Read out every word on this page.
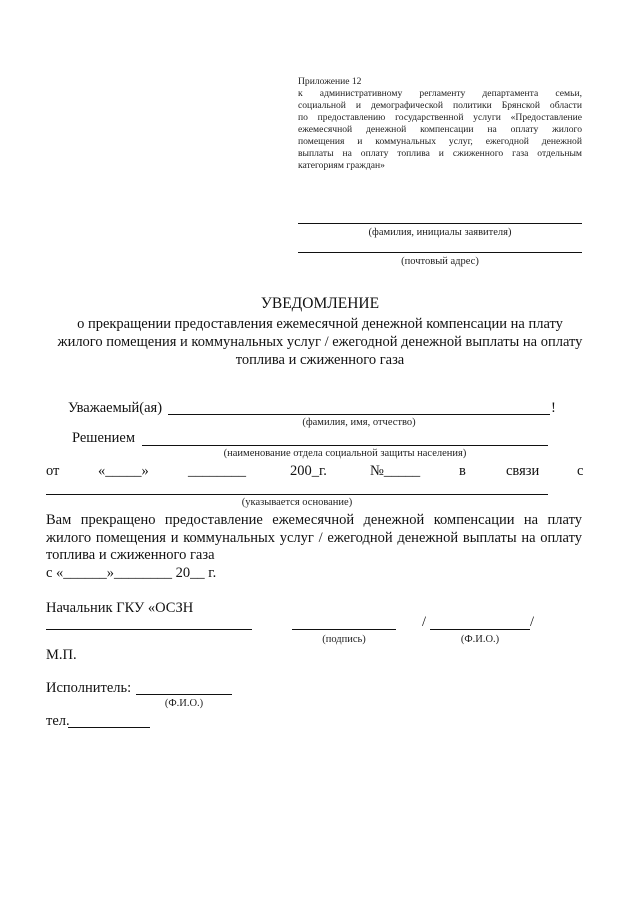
Приложение 12
к административному регламенту департамента семьи,
социальной и демографической политики Брянской области
по предоставлению государственной услуги «Предоставление
ежемесячной денежной компенсации на оплату жилого
помещения и коммунальных услуг, ежегодной денежной
выплаты на оплату топлива и сжиженного газа отдельным
категориям граждан»
(фамилия, инициалы заявителя)
(почтовый адрес)
УВЕДОМЛЕНИЕ
о прекращении предоставления ежемесячной денежной компенсации на плату
жилого помещения и коммунальных услуг / ежегодной денежной выплаты на оплату
топлива и сжиженного газа
Уважаемый(ая)	!
(фамилия, имя, отчество)
Решением
(наименование отдела социальной защиты населения)
от	«_____»	________	200_г.	№_____	в	связи	с
(указывается основание)
Вам прекращено предоставление ежемесячной денежной компенсации на плату
жилого помещения и коммунальных услуг / ежегодной денежной выплаты на оплату
топлива и сжиженного газа
с «______»________ 20__ г.
Начальник ГКУ «ОСЗН
(подпись)
/	/
(Ф.И.О.)
М.П.
Исполнитель:
(Ф.И.О.)
тел.
